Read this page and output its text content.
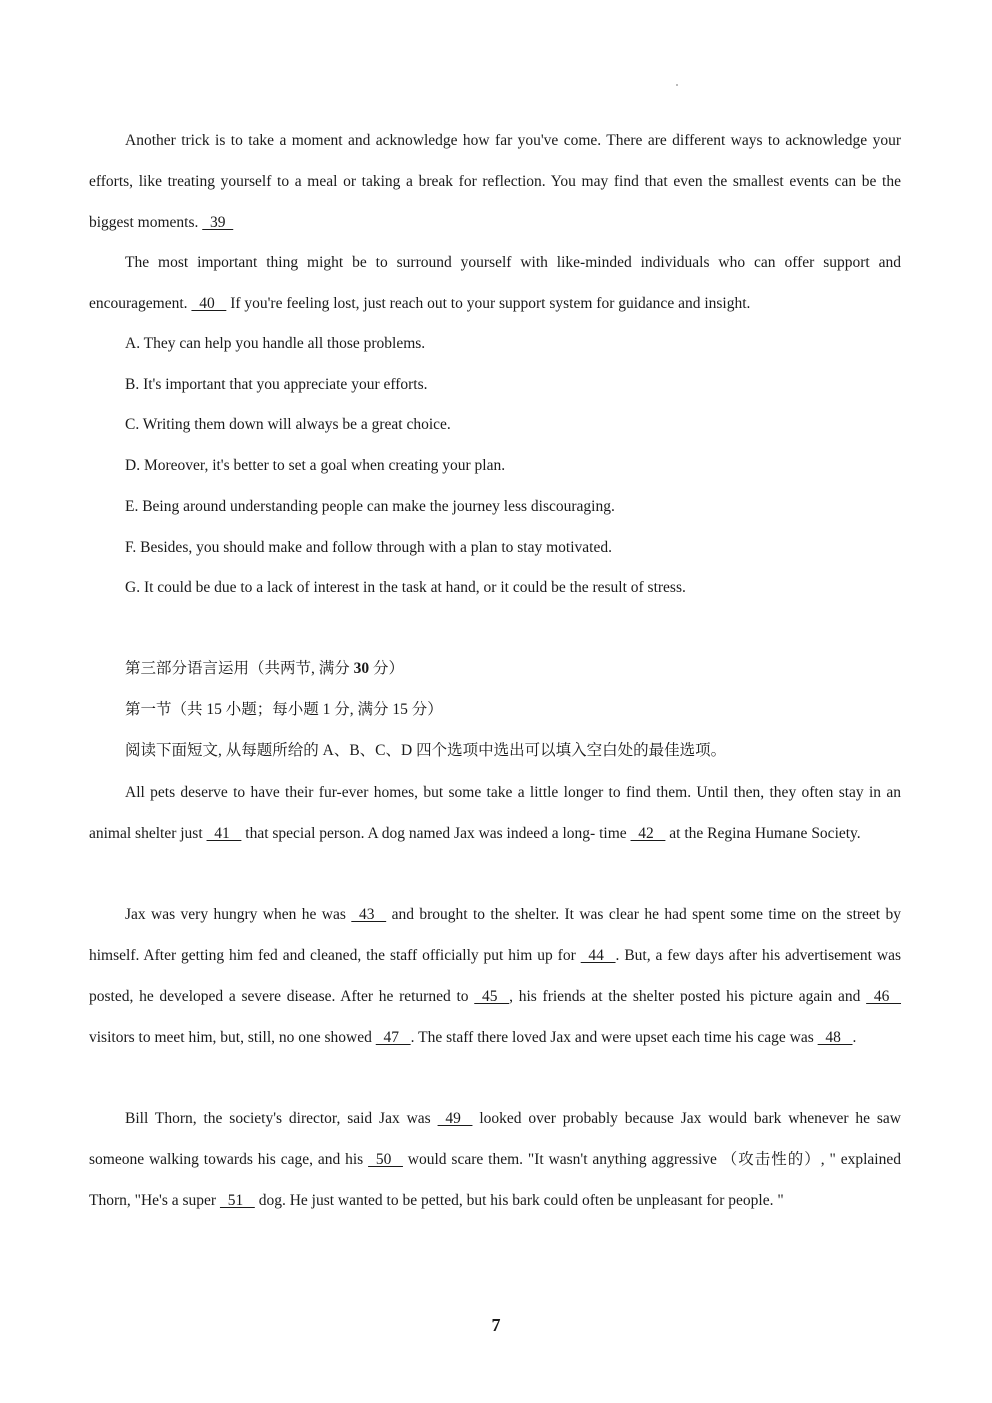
Another trick is to take a moment and acknowledge how far you've come. There are different ways to acknowledge your efforts, like treating yourself to a meal or taking a break for reflection. You may find that even the smallest events can be the biggest moments.   39

The most important thing might be to surround yourself with like-minded individuals who can offer support and encouragement.   40    If you're feeling lost, just reach out to your support system for guidance and insight.

A. They can help you handle all those problems.

B. It's important that you appreciate your efforts.

C. Writing them down will always be a great choice.

D. Moreover, it's better to set a goal when creating your plan.

E. Being around understanding people can make the journey less discouraging.

F. Besides, you should make and follow through with a plan to stay motivated.

G. It could be due to a lack of interest in the task at hand, or it could be the result of stress.

第三部分语言运用（共两节, 满分 30 分）

第一节（共 15 小题；每小题 1 分, 满分 15 分）

阅读下面短文, 从每题所给的 A、B、C、D 四个选项中选出可以填入空白处的最佳选项。

All pets deserve to have their fur-ever homes, but some take a little longer to find them. Until then, they often stay in an animal shelter just   41    that special person. A dog named Jax was indeed a long- time   42    at the Regina Humane Society.

Jax was very hungry when he was   43    and brought to the shelter. It was clear he had spent some time on the street by himself. After getting him fed and cleaned, the staff officially put him up for   44   . But, a few days after his advertisement was posted, he developed a severe disease. After he returned to   45   , his friends at the shelter posted his picture again and   46    visitors to meet him, but, still, no one showed   47   . The staff there loved Jax and were upset each time his cage was   48   .

Bill Thorn, the society's director, said Jax was   49    looked over probably because Jax would bark whenever he saw someone walking towards his cage, and his   50    would scare them. "It wasn't anything aggressive （攻击性的）, " explained Thorn, "He's a super   51    dog. He just wanted to be petted, but his bark could often be unpleasant for people. "

7
